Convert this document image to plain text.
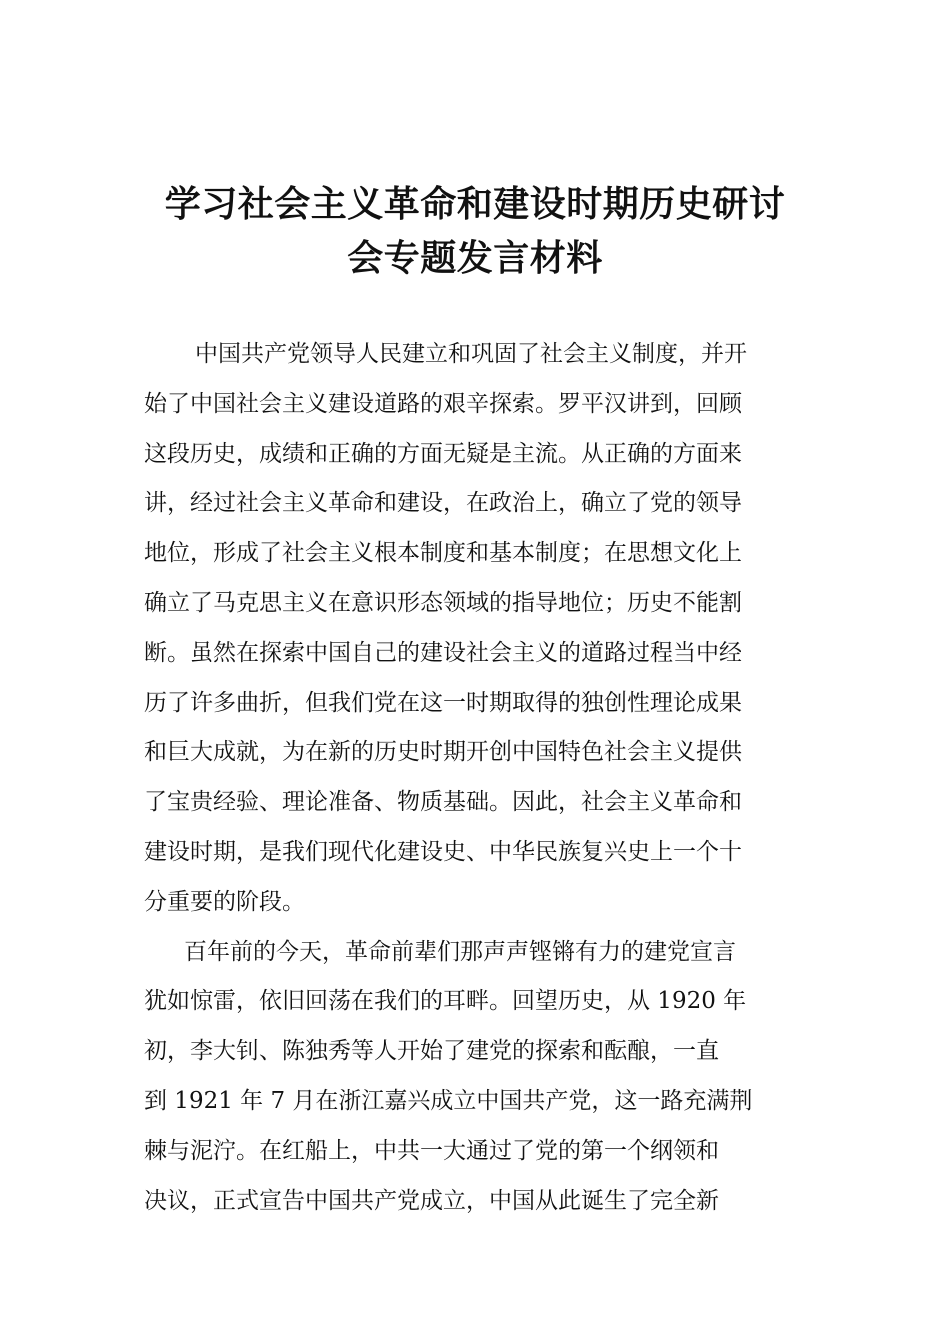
学习社会主义革命和建设时期历史研讨
会专题发言材料
中国共产党领导人民建立和巩固了社会主义制度，并开
始了中国社会主义建设道路的艰辛探索。罗平汉讲到，回顾
这段历史，成绩和正确的方面无疑是主流。从正确的方面来
讲，经过社会主义革命和建设，在政治上，确立了党的领导
地位，形成了社会主义根本制度和基本制度；在思想文化上
确立了马克思主义在意识形态领域的指导地位；历史不能割
断。虽然在探索中国自己的建设社会主义的道路过程当中经
历了许多曲折，但我们党在这一时期取得的独创性理论成果
和巨大成就，为在新的历史时期开创中国特色社会主义提供
了宝贵经验、理论准备、物质基础。因此，社会主义革命和
建设时期，是我们现代化建设史、中华民族复兴史上一个十
分重要的阶段。
百年前的今天，革命前辈们那声声铿锵有力的建党宣言
犹如惊雷，依旧回荡在我们的耳畔。回望历史，从 1920 年
初，李大钊、陈独秀等人开始了建党的探索和酝酿，一直
到 1921 年 7 月在浙江嘉兴成立中国共产党，这一路充满荆
棘与泥泞。在红船上，中共一大通过了党的第一个纲领和
决议，正式宣告中国共产党成立，中国从此诞生了完全新
